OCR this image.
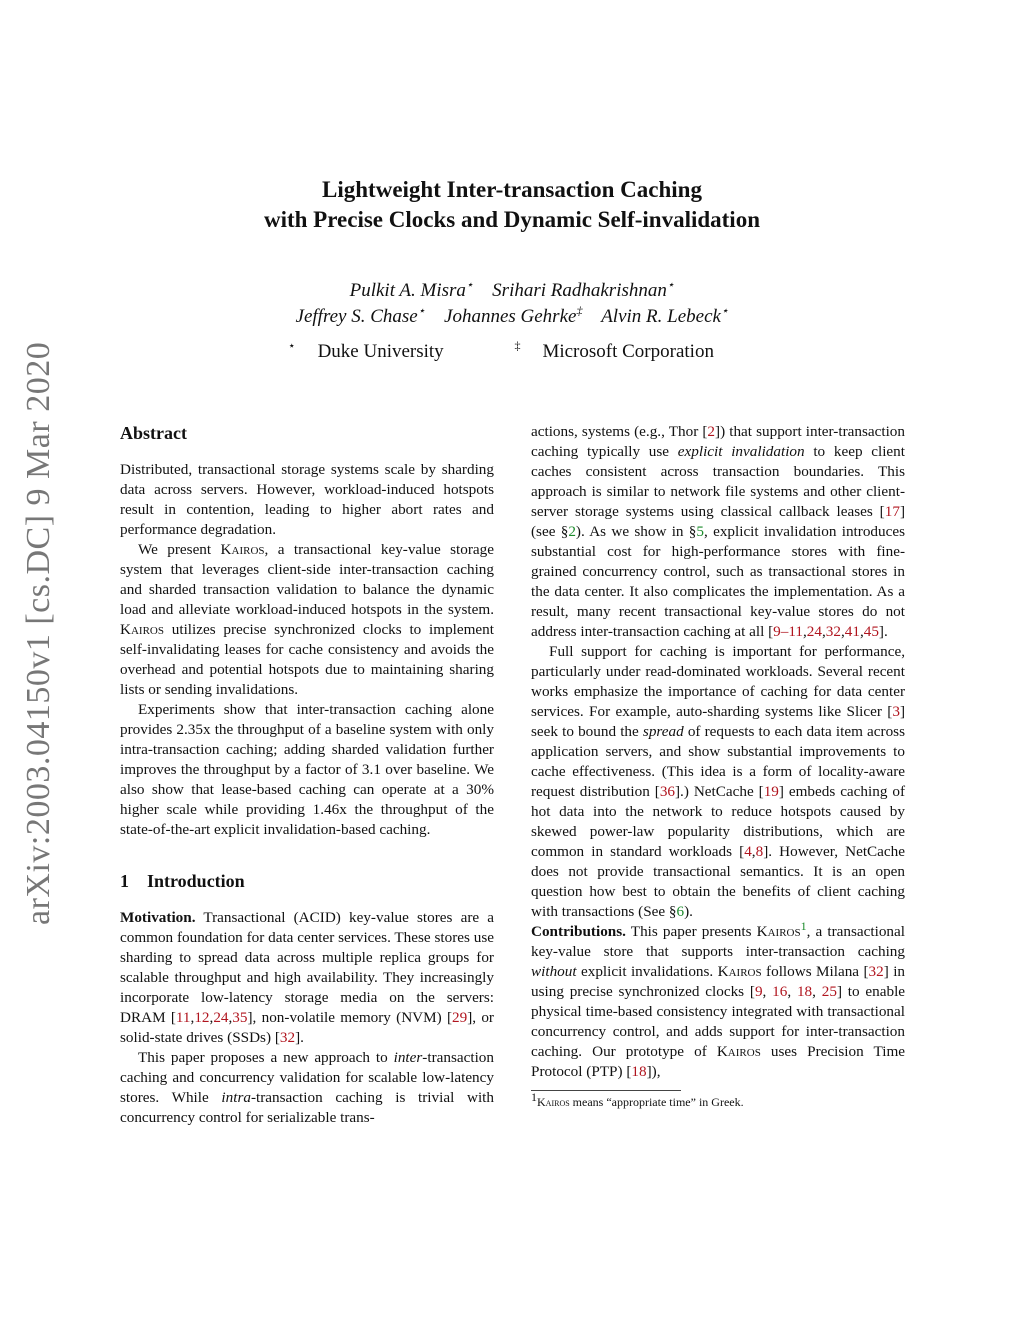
arXiv:2003.04150v1 [cs.DC] 9 Mar 2020
Lightweight Inter-transaction Caching
with Precise Clocks and Dynamic Self-invalidation
Pulkit A. Misra⋆ Srihari Radhakrishnan⋆
Jeffrey S. Chase⋆ Johannes Gehrke‡ Alvin R. Lebeck⋆
⋆ Duke University	‡ Microsoft Corporation
Abstract

Distributed, transactional storage systems scale by sharding data across servers. However, workload-induced hotspots result in contention, leading to higher abort rates and performance degradation.

We present Kairos, a transactional key-value storage system that leverages client-side inter-transaction caching and sharded transaction validation to balance the dynamic load and alleviate workload-induced hotspots in the system. Kairos utilizes precise synchronized clocks to implement self-invalidating leases for cache consistency and avoids the overhead and potential hotspots due to maintaining sharing lists or sending invalidations.

Experiments show that inter-transaction caching alone provides 2.35x the throughput of a baseline system with only intra-transaction caching; adding sharded validation further improves the throughput by a factor of 3.1 over baseline. We also show that lease-based caching can operate at a 30% higher scale while providing 1.46x the throughput of the state-of-the-art explicit invalidation-based caching.

1    Introduction

Motivation. Transactional (ACID) key-value stores are a common foundation for data center services. These stores use sharding to spread data across multiple replica groups for scalable throughput and high availability. They increasingly incorporate low-latency storage media on the servers: DRAM [11,12,24,35], non-volatile memory (NVM) [29], or solid-state drives (SSDs) [32].

This paper proposes a new approach to inter-transaction caching and concurrency validation for scalable low-latency stores. While intra-transaction caching is trivial with concurrency control for serializable trans-

actions, systems (e.g., Thor [2]) that support inter-transaction caching typically use explicit invalidation to keep client caches consistent across transaction boundaries. This approach is similar to network file systems and other client-server storage systems using classical callback leases [17] (see §2). As we show in §5, explicit invalidation introduces substantial cost for high-performance stores with fine-grained concurrency control, such as transactional stores in the data center. It also complicates the implementation. As a result, many recent transactional key-value stores do not address inter-transaction caching at all [9–11,24,32,41,45].

Full support for caching is important for performance, particularly under read-dominated workloads. Several recent works emphasize the importance of caching for data center services. For example, auto-sharding systems like Slicer [3] seek to bound the spread of requests to each data item across application servers, and show substantial improvements to cache effectiveness. (This idea is a form of locality-aware request distribution [36].) NetCache [19] embeds caching of hot data into the network to reduce hotspots caused by skewed power-law popularity distributions, which are common in standard workloads [4,8]. However, NetCache does not provide transactional semantics. It is an open question how best to obtain the benefits of client caching with transactions (See §6).

Contributions. This paper presents Kairos$^1$, a transactional key-value store that supports inter-transaction caching without explicit invalidations. Kairos follows Milana [32] in using precise synchronized clocks [9, 16, 18, 25] to enable physical time-based consistency integrated with transactional concurrency control, and adds support for inter-transaction caching. Our prototype of Kairos uses Precision Time Protocol (PTP) [18]),

$^1$Kairos means “appropriate time” in Greek.
